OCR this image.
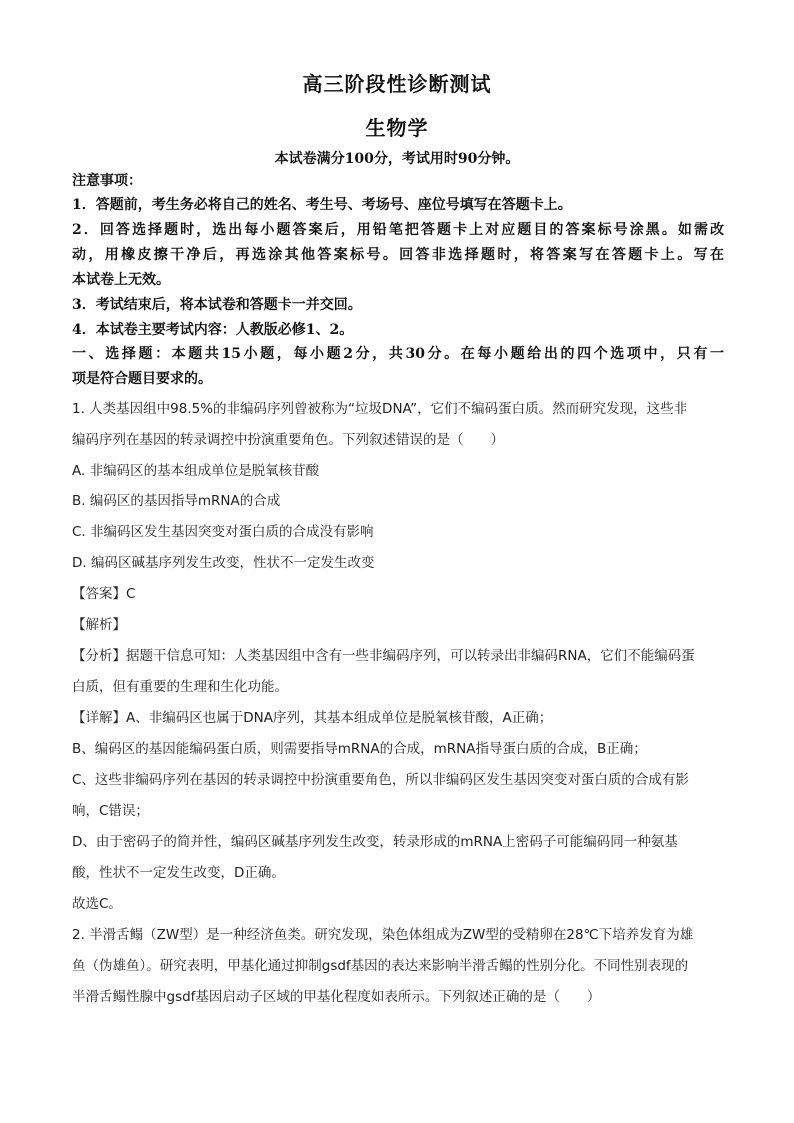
高三阶段性诊断测试
生物学
本试卷满分100分，考试用时90分钟。
注意事项：
1．答题前，考生务必将自己的姓名、考生号、考场号、座位号填写在答题卡上。
2．回答选择题时，选出每小题答案后，用铅笔把答题卡上对应题目的答案标号涂黑。如需改
动，用橡皮擦干净后，再选涂其他答案标号。回答非选择题时，将答案写在答题卡上。写在
本试卷上无效。
3．考试结束后，将本试卷和答题卡一并交回。
4．本试卷主要考试内容：人教版必修1、2。
一、选择题：本题共15小题，每小题2分，共30分。在每小题给出的四个选项中，只有一
项是符合题目要求的。
1. 人类基因组中98.5%的非编码序列曾被称为“垃圾DNA”，它们不编码蛋白质。然而研究发现，这些非
编码序列在基因的转录调控中扮演重要角色。下列叙述错误的是（　　）
A. 非编码区的基本组成单位是脱氧核苷酸
B. 编码区的基因指导mRNA的合成
C. 非编码区发生基因突变对蛋白质的合成没有影响
D. 编码区碱基序列发生改变，性状不一定发生改变
【答案】C
【解析】
【分析】据题干信息可知：人类基因组中含有一些非编码序列，可以转录出非编码RNA，它们不能编码蛋
白质，但有重要的生理和生化功能。
【详解】A、非编码区也属于DNA序列，其基本组成单位是脱氧核苷酸，A正确；
B、编码区的基因能编码蛋白质，则需要指导mRNA的合成，mRNA指导蛋白质的合成，B正确；
C、这些非编码序列在基因的转录调控中扮演重要角色，所以非编码区发生基因突变对蛋白质的合成有影
响，C错误；
D、由于密码子的简并性，编码区碱基序列发生改变，转录形成的mRNA上密码子可能编码同一种氨基
酸，性状不一定发生改变，D正确。
故选C。
2. 半滑舌鳎（ZW型）是一种经济鱼类。研究发现，染色体组成为ZW型的受精卵在28℃下培养发育为雄
鱼（伪雄鱼）。研究表明，甲基化通过抑制gsdf基因的表达来影响半滑舌鳎的性别分化。不同性别表现的
半滑舌鳎性腺中gsdf基因启动子区域的甲基化程度如表所示。下列叙述正确的是（　　）
